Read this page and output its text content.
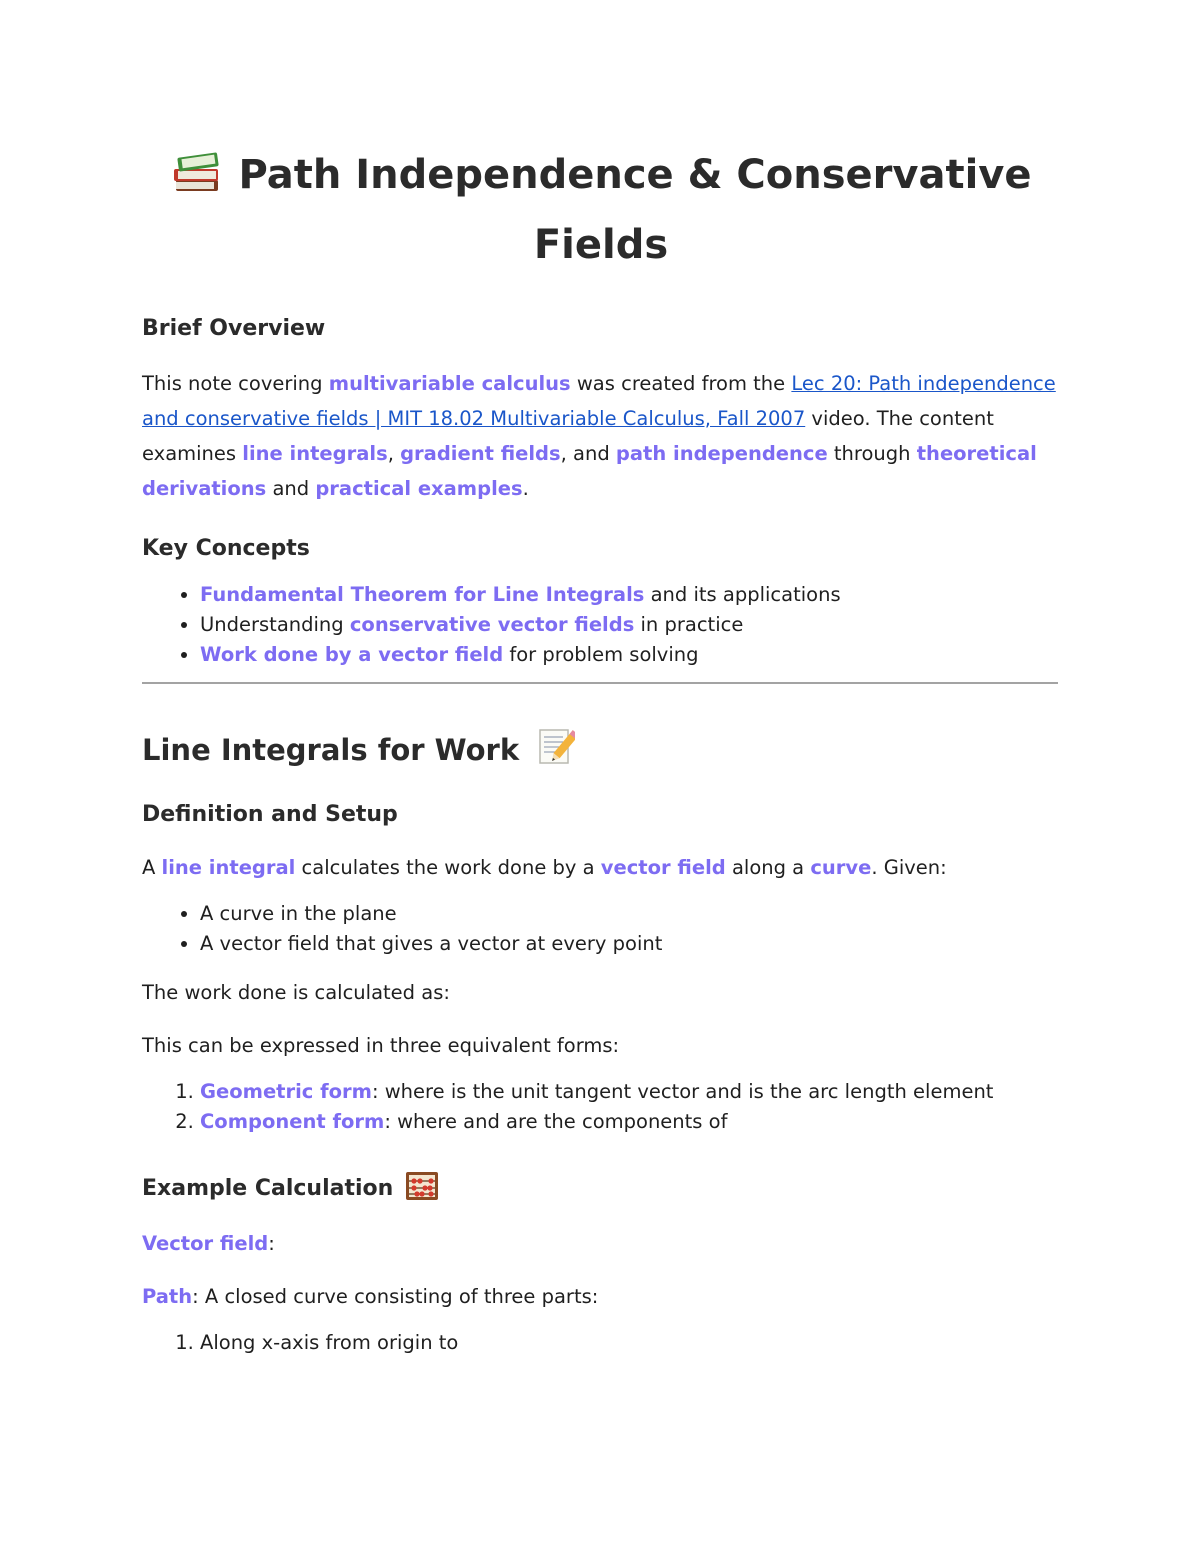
Path Independence & Conservative Fields
Brief Overview

This note covering multivariable calculus was created from the Lec 20: Path independence and conservative fields | MIT 18.02 Multivariable Calculus, Fall 2007 video. The content examines line integrals, gradient fields, and path independence through theoretical derivations and practical examples.

Key Concepts
• Fundamental Theorem for Line Integrals and its applications
• Understanding conservative vector fields in practice
• Work done by a vector field for problem solving
Line Integrals for Work
Definition and Setup

A line integral calculates the work done by a vector field along a curve. Given:

• A curve in the plane
• A vector field that gives a vector at every point

The work done is calculated as:

This can be expressed in three equivalent forms:

1. Geometric form: where is the unit tangent vector and is the arc length element
2. Component form: where and are the components of
Example Calculation

Vector field:

Path: A closed curve consisting of three parts:

1. Along x-axis from origin to
